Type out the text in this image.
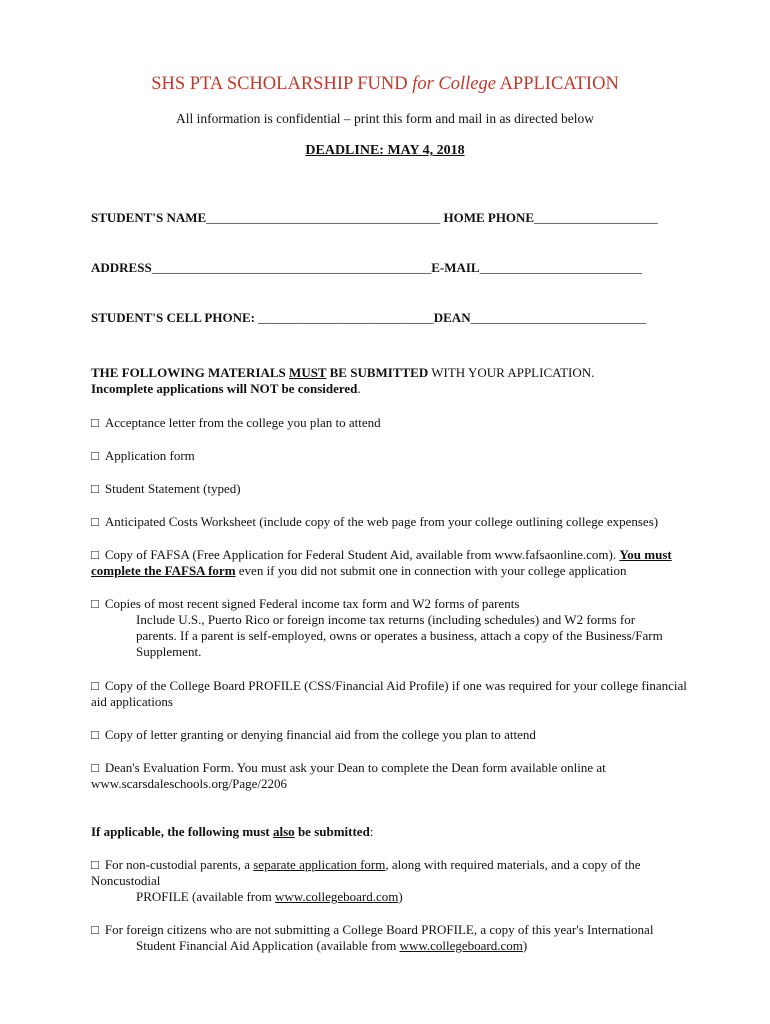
SHS PTA SCHOLARSHIP FUND for College APPLICATION
All information is confidential – print this form and mail in as directed below
DEADLINE: MAY 4, 2018
STUDENT'S NAME____________________________________ HOME PHONE___________________
ADDRESS___________________________________________E-MAIL_________________________
STUDENT'S CELL PHONE: ___________________________DEAN___________________________
THE FOLLOWING MATERIALS MUST BE SUBMITTED WITH YOUR APPLICATION.
Incomplete applications will NOT be considered.
□ Acceptance letter from the college you plan to attend
□ Application form
□ Student Statement (typed)
□ Anticipated Costs Worksheet (include copy of the web page from your college outlining college expenses)
□ Copy of FAFSA (Free Application for Federal Student Aid, available from www.fafsaonline.com). You must complete the FAFSA form even if you did not submit one in connection with your college application
□ Copies of most recent signed Federal income tax form and W2 forms of parents
Include U.S., Puerto Rico or foreign income tax returns (including schedules) and W2 forms for parents. If a parent is self-employed, owns or operates a business, attach a copy of the Business/Farm Supplement.
□ Copy of the College Board PROFILE (CSS/Financial Aid Profile) if one was required for your college financial aid applications
□ Copy of letter granting or denying financial aid from the college you plan to attend
□ Dean's Evaluation Form. You must ask your Dean to complete the Dean form available online at www.scarsdaleschools.org/Page/2206
If applicable, the following must also be submitted:
□ For non-custodial parents, a separate application form, along with required materials, and a copy of the Noncustodial
PROFILE (available from www.collegeboard.com)
□ For foreign citizens who are not submitting a College Board PROFILE, a copy of this year's International
Student Financial Aid Application (available from www.collegeboard.com)
